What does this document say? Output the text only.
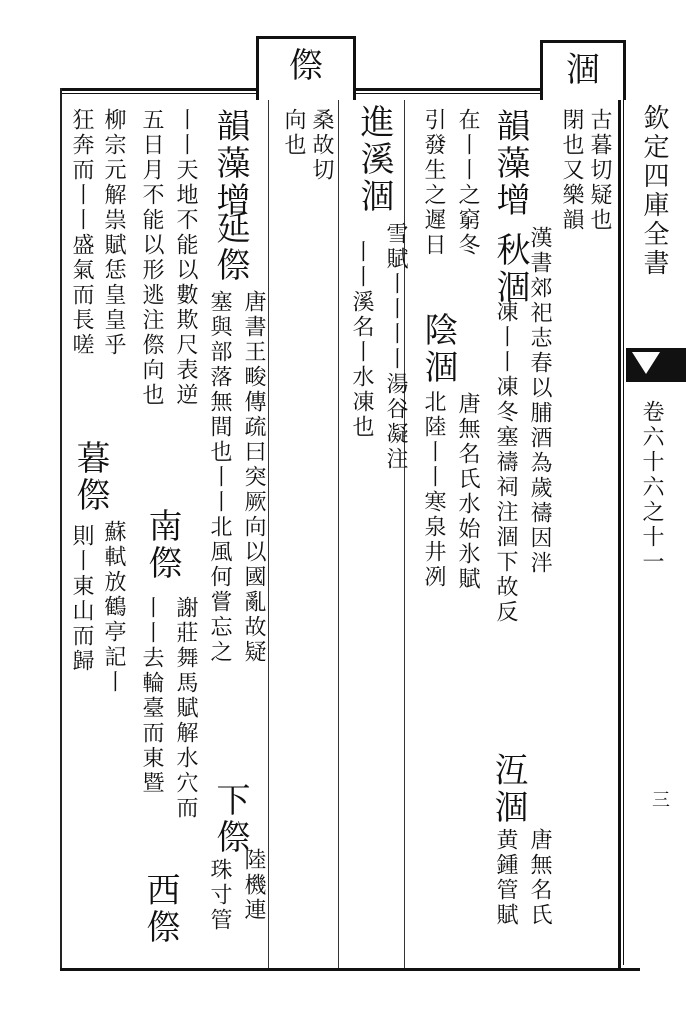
涸
傺
古暮切疑也
閉也又樂韻
韻藻增
秋涸
漢書郊祀志春以脯酒為歲禱因泮
凍丨丨凍冬塞禱祠注涸下故反
沍涸
唐無名氏
黄鍾管賦
在丨丨之窮冬
陰涸
唐無名氏水始氷賦
引發生之遲日
北陸丨丨寒泉井冽
進溪涸
雪賦丨丨丨丨湯谷凝注
丨丨溪名丨水凍也
桑故切
向也
韻藻增
延傺
唐書王畯傳疏曰突厥向以國亂故疑
塞與部落無間也丨丨北風何嘗忘之
下傺
陸機連
珠寸管
丨丨天地不能以數欺尺表逆
南傺
謝莊舞馬賦解水穴而
丨丨去輪臺而東暨
西傺
五日月不能以形逃注傺向也
柳宗元解祟賦恁皇皇乎
暮傺
蘇軾放鶴亭記丨
則丨東山而歸
狂奔而丨丨盛氣而長嗟	欽定四庫全書
卷六十六之十一
三
